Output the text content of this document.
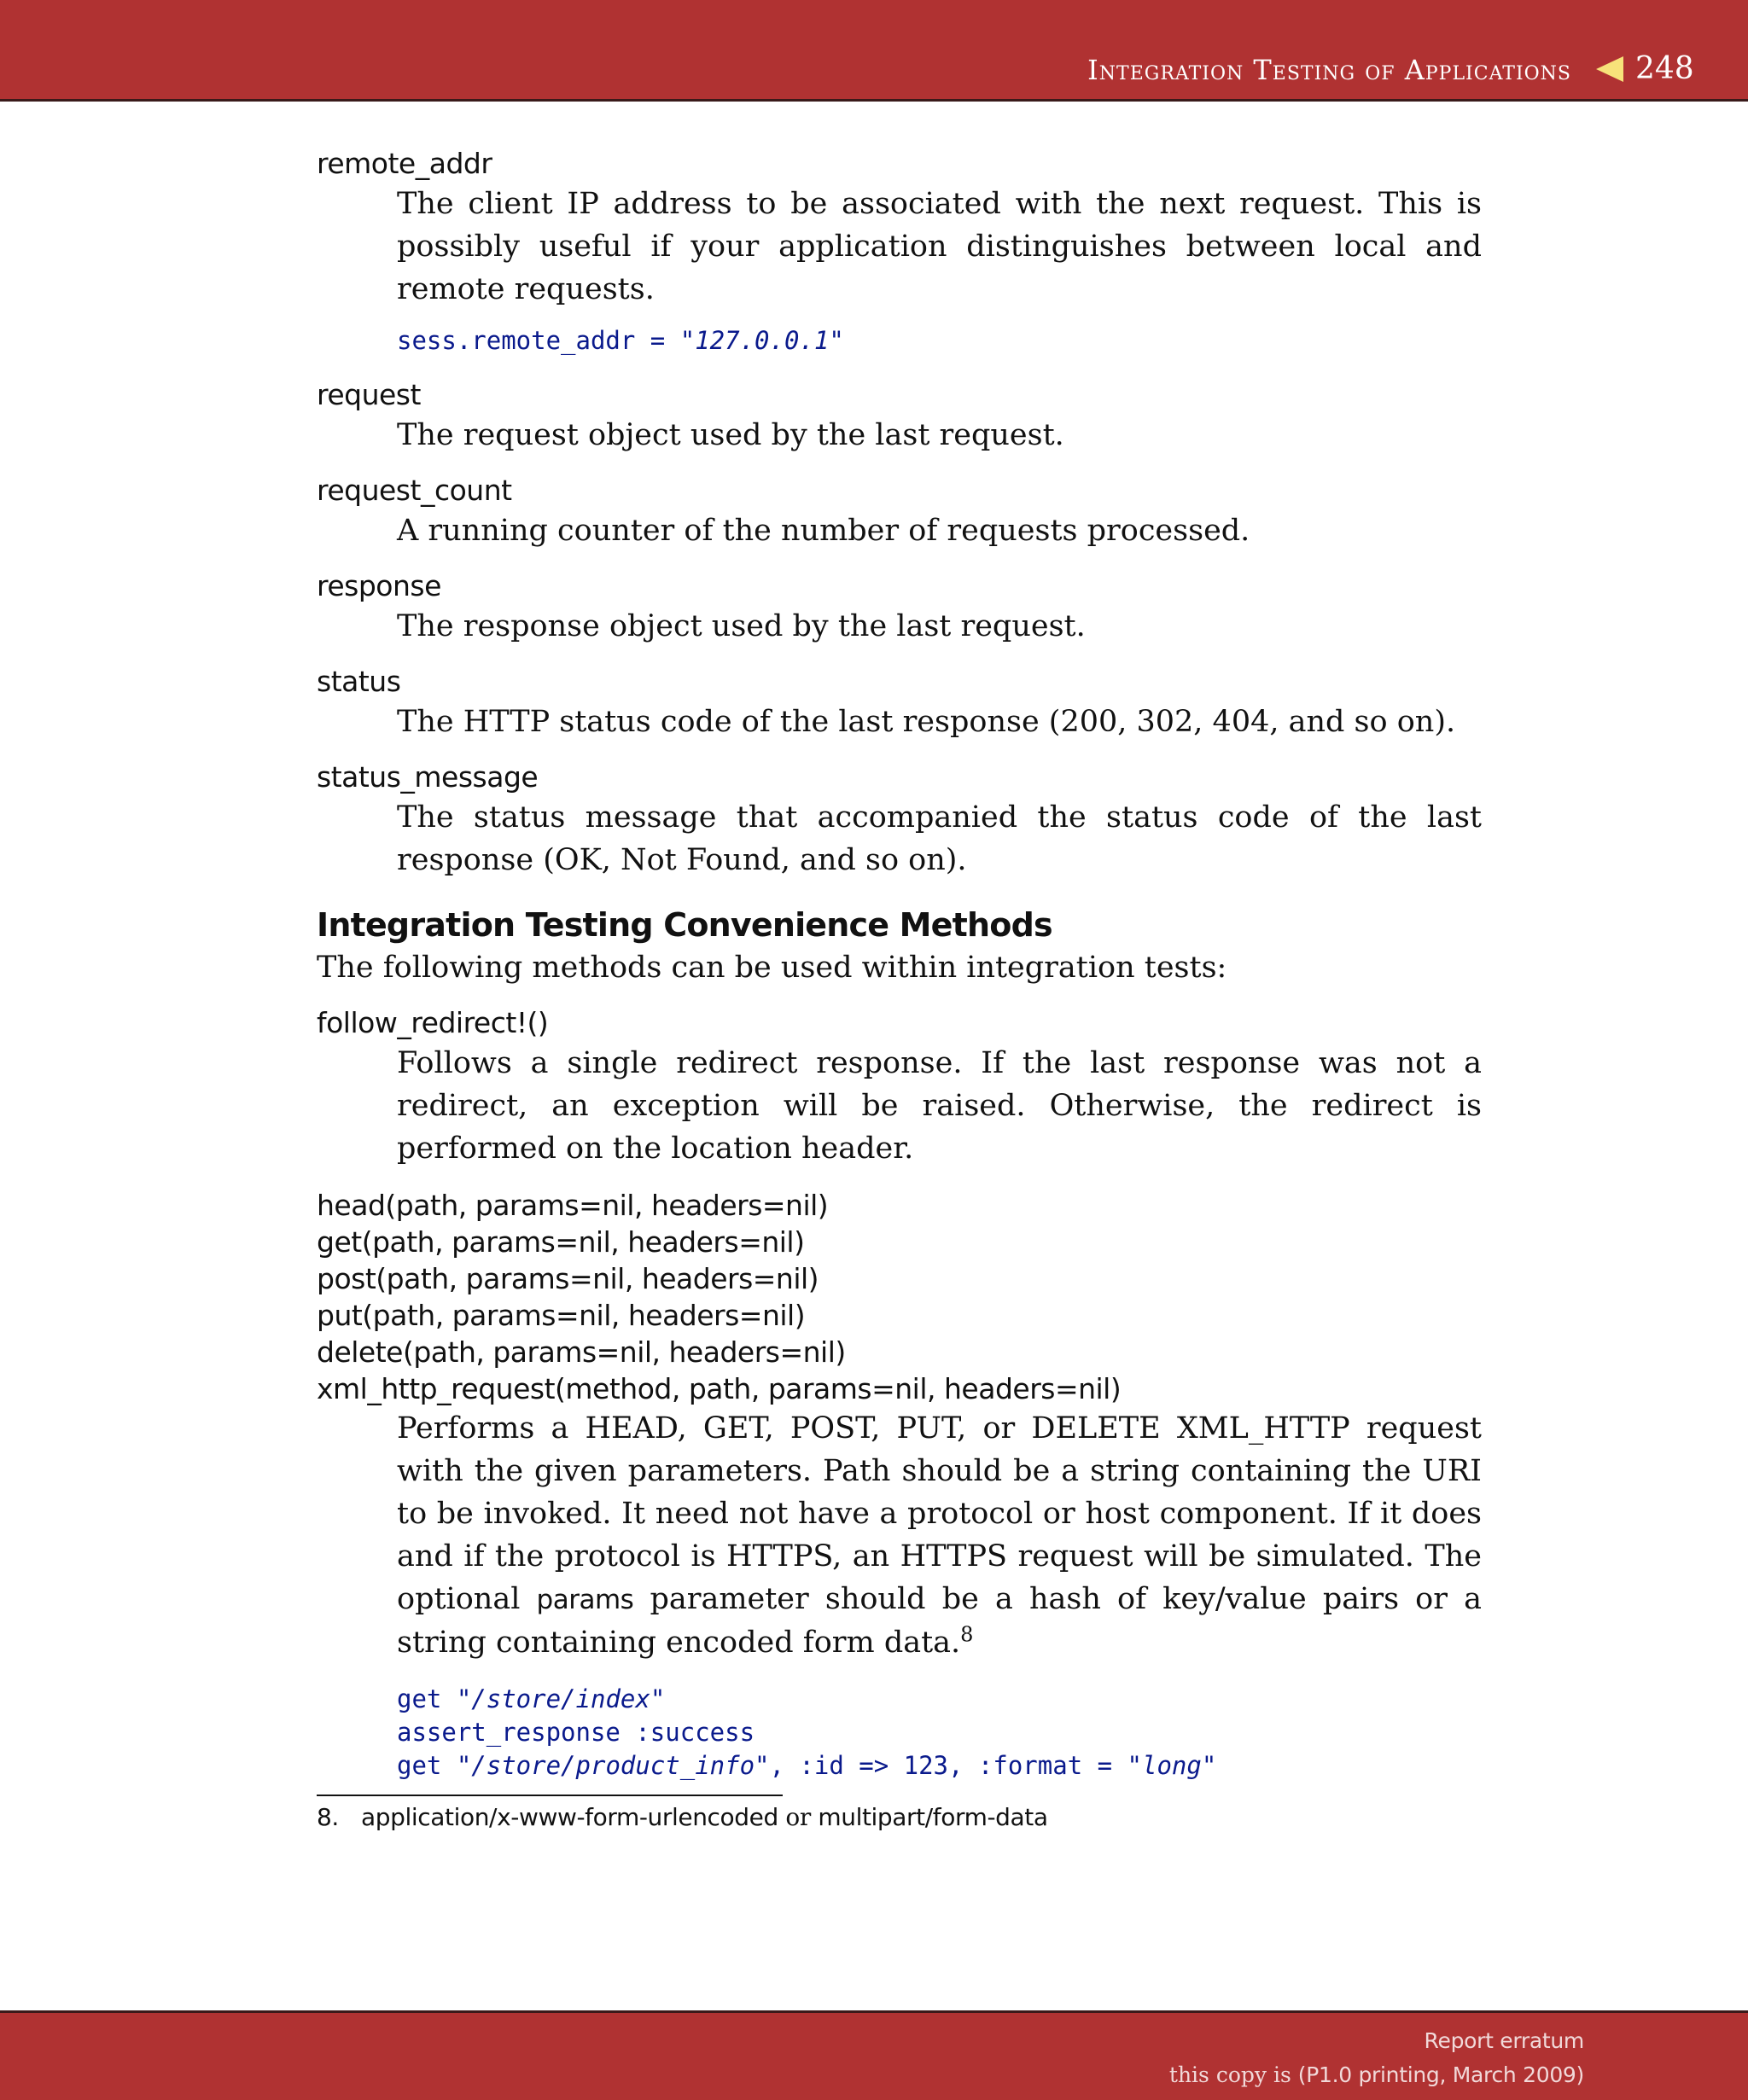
Integration Testing of Applications 248
remote_addr
The client IP address to be associated with the next request. This is possibly useful if your application distinguishes between local and remote requests.
sess.remote_addr = "127.0.0.1"
request
The request object used by the last request.
request_count
A running counter of the number of requests processed.
response
The response object used by the last request.
status
The HTTP status code of the last response (200, 302, 404, and so on).
status_message
The status message that accompanied the status code of the last response (OK, Not Found, and so on).
Integration Testing Convenience Methods
The following methods can be used within integration tests:
follow_redirect!()
Follows a single redirect response. If the last response was not a redirect, an exception will be raised. Otherwise, the redirect is performed on the location header.
head(path, params=nil, headers=nil)
get(path, params=nil, headers=nil)
post(path, params=nil, headers=nil)
put(path, params=nil, headers=nil)
delete(path, params=nil, headers=nil)
xml_http_request(method, path, params=nil, headers=nil)
Performs a HEAD, GET, POST, PUT, or DELETE XML_HTTP request with the given parameters. Path should be a string containing the URI to be invoked. It need not have a protocol or host component. If it does and if the protocol is HTTPS, an HTTPS request will be simulated. The optional params parameter should be a hash of key/value pairs or a string containing encoded form data.$^8$
get "/store/index"
assert_response :success
get "/store/product_info", :id => 123, :format = "long"
8. application/x-www-form-urlencoded or multipart/form-data
Report erratum
this copy is (P1.0 printing, March 2009)
